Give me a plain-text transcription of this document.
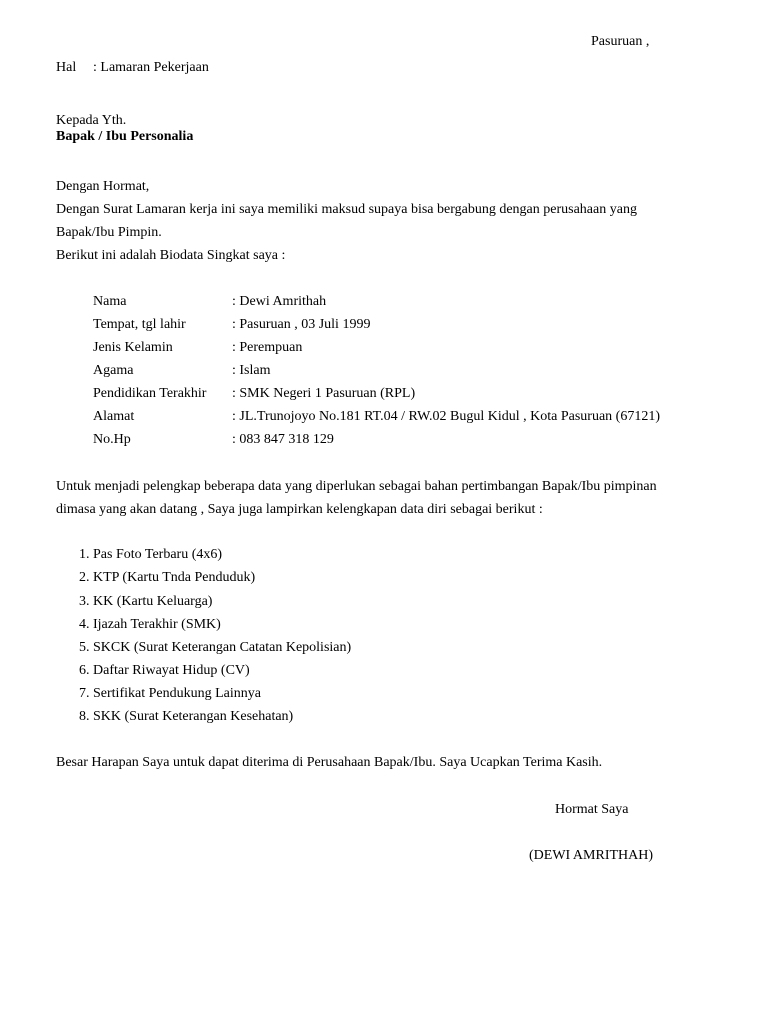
Pasuruan ,
Hal : Lamaran Pekerjaan
Kepada Yth.
Bapak / Ibu Personalia
Dengan Hormat,
Dengan Surat Lamaran kerja ini saya memiliki maksud supaya bisa bergabung dengan perusahaan yang
Bapak/Ibu Pimpin.
Berikut ini adalah Biodata Singkat saya :
Nama	: Dewi Amrithah
Tempat, tgl lahir	: Pasuruan , 03 Juli 1999
Jenis Kelamin	: Perempuan
Agama	: Islam
Pendidikan Terakhir : SMK Negeri 1 Pasuruan (RPL)
Alamat	: JL.Trunojoyo No.181 RT.04 / RW.02 Bugul Kidul , Kota Pasuruan (67121)
No.Hp	: 083 847 318 129
Untuk menjadi pelengkap beberapa data yang diperlukan sebagai bahan pertimbangan Bapak/Ibu pimpinan
dimasa yang akan datang , Saya juga lampirkan kelengkapan data diri sebagai berikut :
1. Pas Foto Terbaru (4x6)
2. KTP (Kartu Tnda Penduduk)
3. KK (Kartu Keluarga)
4. Ijazah Terakhir (SMK)
5. SKCK (Surat Keterangan Catatan Kepolisian)
6. Daftar Riwayat Hidup (CV)
7. Sertifikat Pendukung Lainnya
8. SKK (Surat Keterangan Kesehatan)
Besar Harapan Saya untuk dapat diterima di Perusahaan Bapak/Ibu. Saya Ucapkan Terima Kasih.
Hormat Saya
(DEWI AMRITHAH)
